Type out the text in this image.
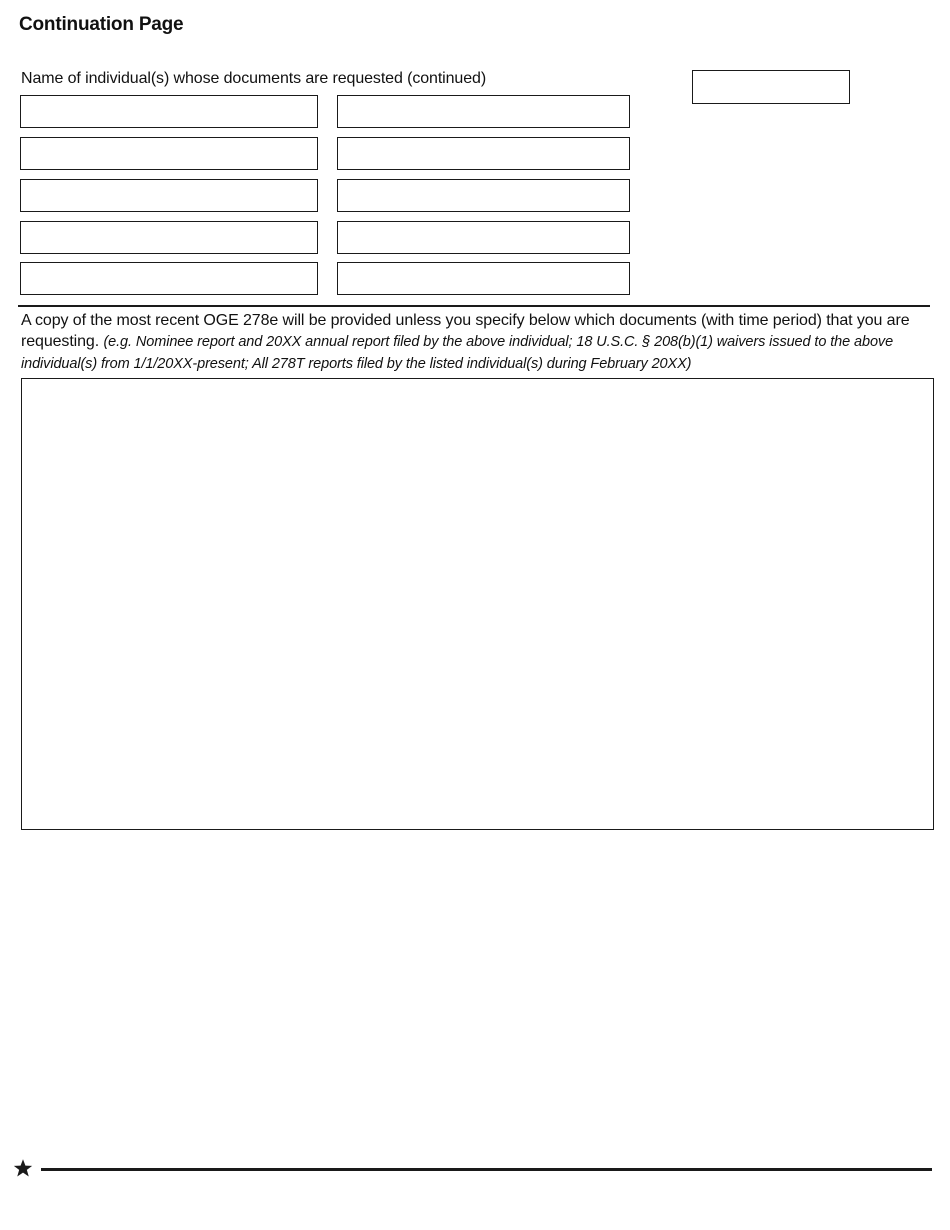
Continuation Page
Name of individual(s) whose documents are requested (continued)
A copy of the most recent OGE 278e will be provided unless you specify below which documents (with time period) that you are requesting. (e.g. Nominee report and 20XX annual report filed by the above individual; 18 U.S.C. § 208(b)(1) waivers issued to the above individual(s) from 1/1/20XX-present; All 278T reports filed by the listed individual(s) during February 20XX)
